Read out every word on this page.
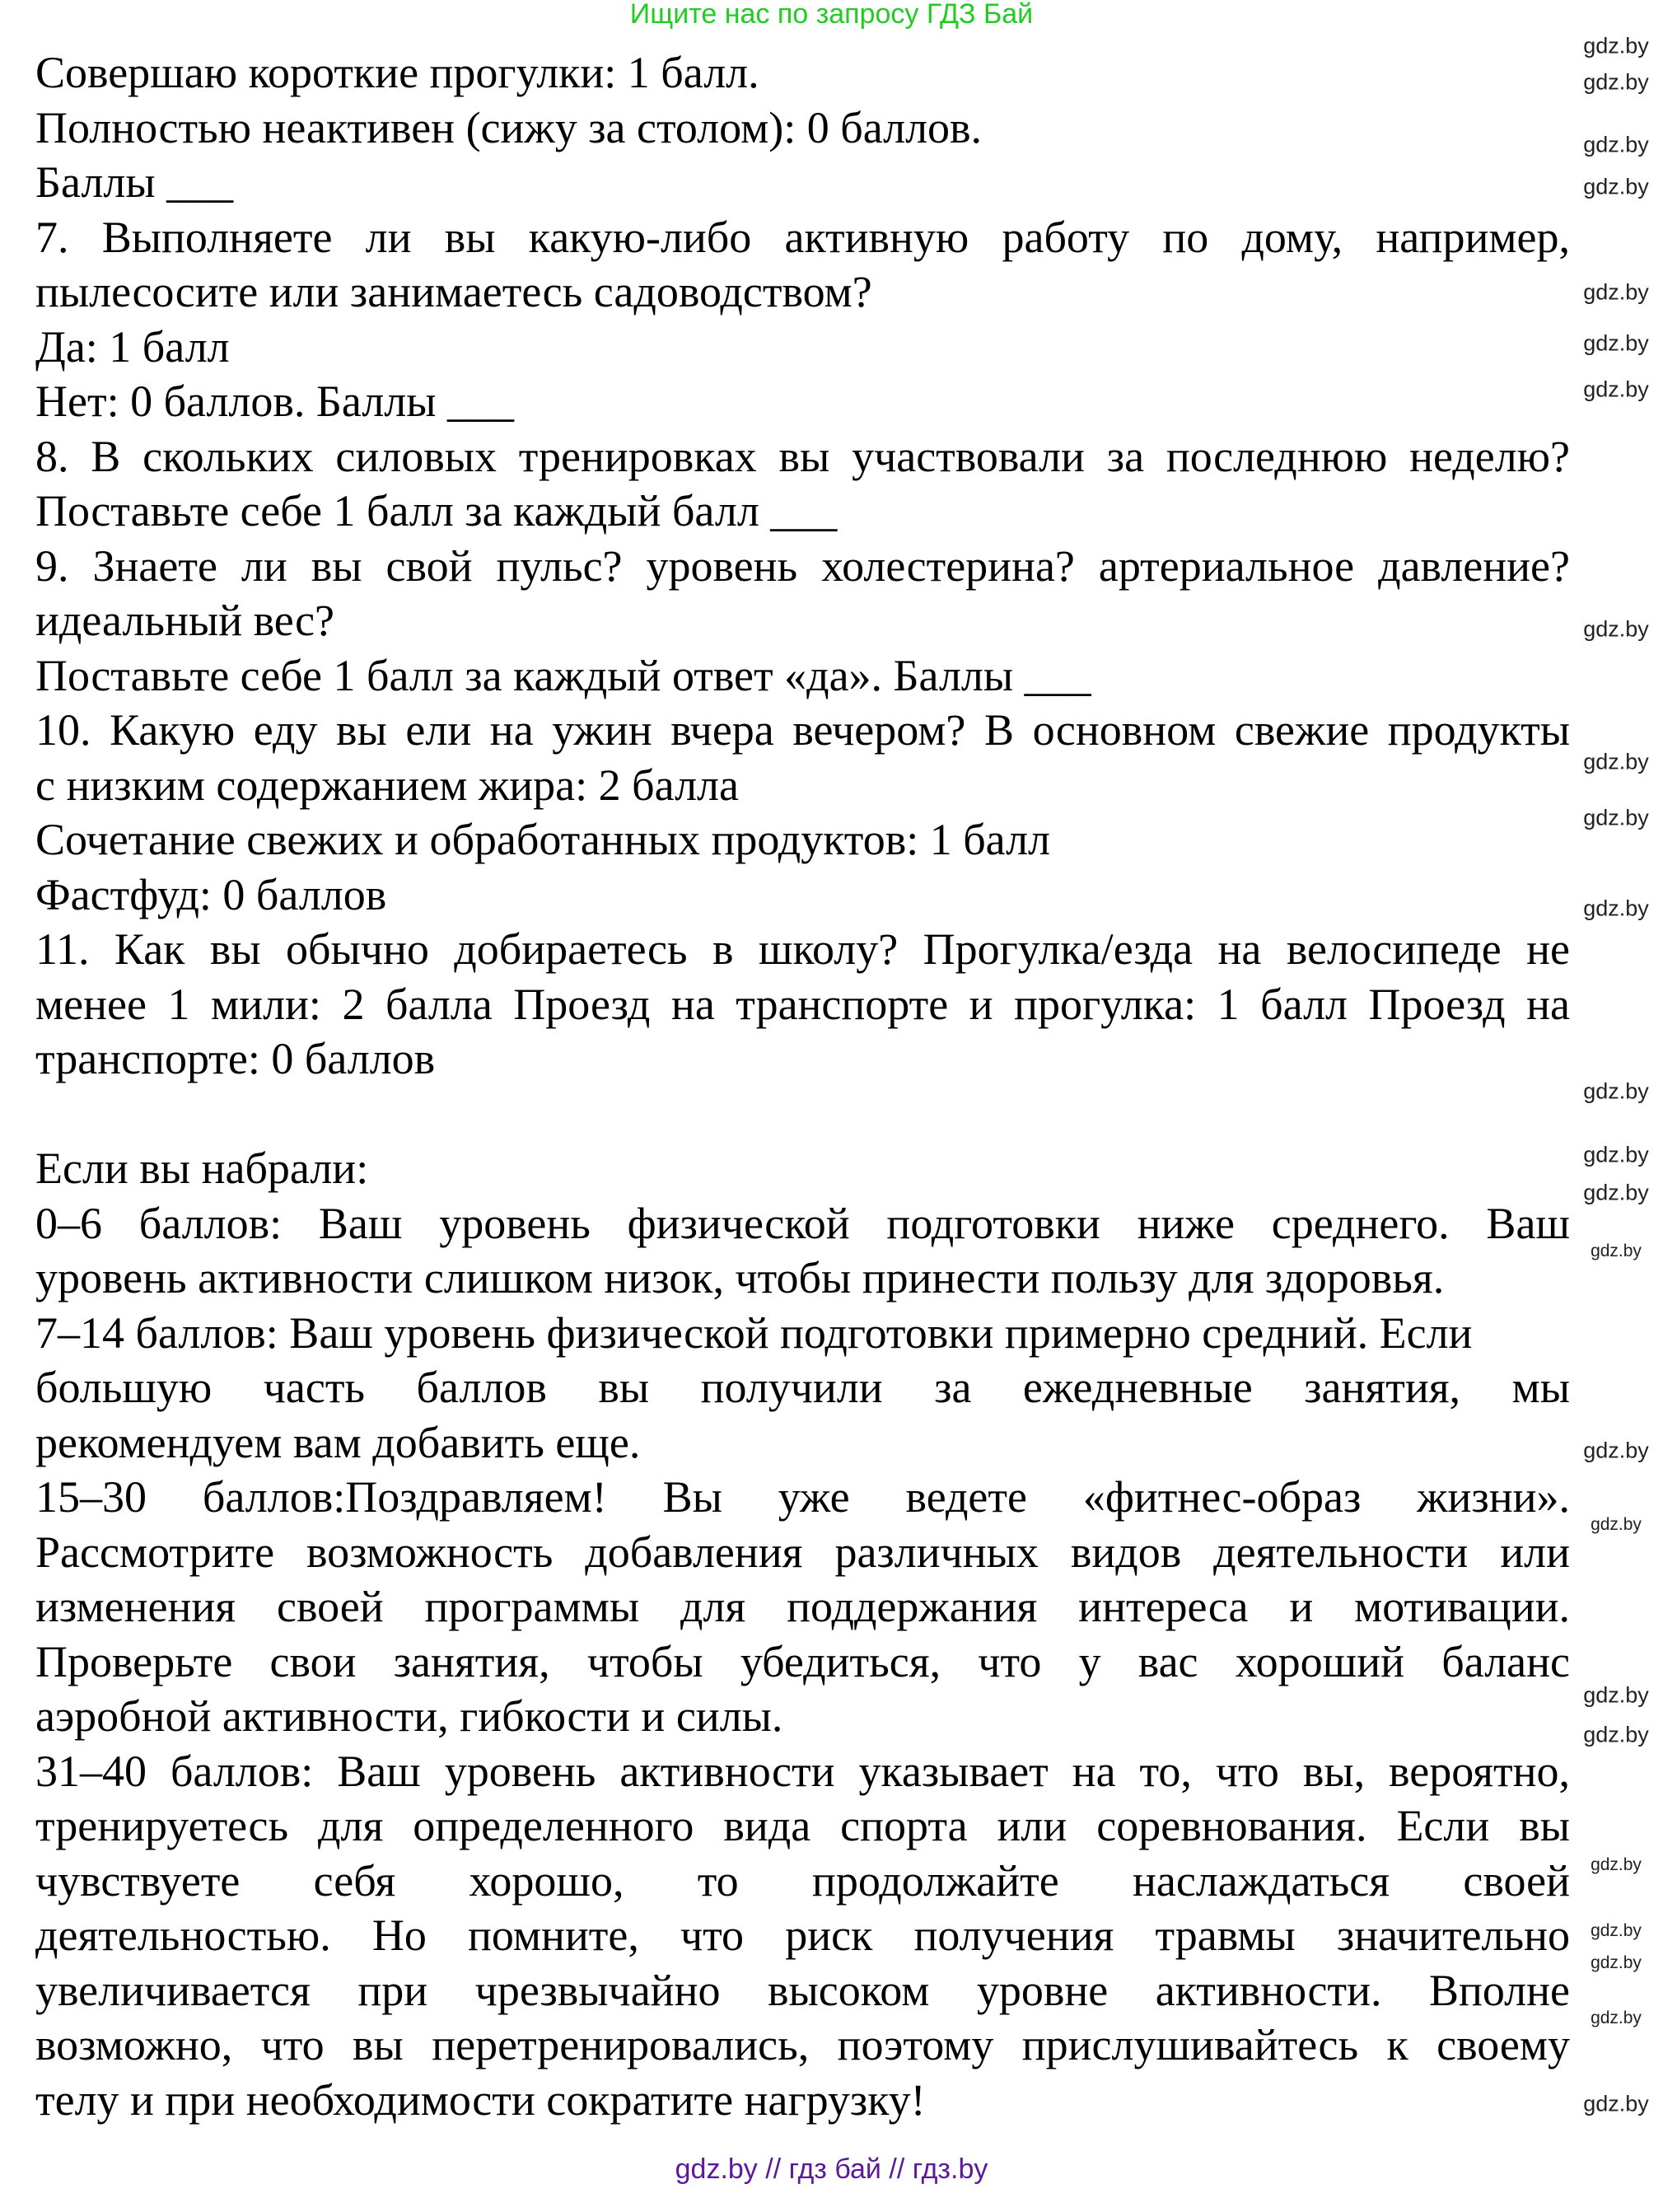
Ищите нас по запросу ГДЗ Бай
Совершаю короткие прогулки: 1 балл.
Полностью неактивен (сижу за столом): 0 баллов.
Баллы ___
7. Выполняете ли вы какую-либо активную работу по дому, например,
пылесосите или занимаетесь садоводством?
Да: 1 балл
Нет: 0 баллов. Баллы ___
8. В скольких силовых тренировках вы участвовали за последнюю неделю?
Поставьте себе 1 балл за каждый балл ___
9. Знаете ли вы свой пульс? уровень холестерина? артериальное давление?
идеальный вес?
Поставьте себе 1 балл за каждый ответ «да». Баллы ___
10. Какую еду вы ели на ужин вчера вечером? В основном свежие продукты
с низким содержанием жира: 2 балла
Сочетание свежих и обработанных продуктов: 1 балл
Фастфуд: 0 баллов
11. Как вы обычно добираетесь в школу? Прогулка/езда на велосипеде не
менее 1 мили: 2 балла Проезд на транспорте и прогулка: 1 балл Проезд на
транспорте: 0 баллов
Если вы набрали:
0–6 баллов: Ваш уровень физической подготовки ниже среднего. Ваш
уровень активности слишком низок, чтобы принести пользу для здоровья.
7–14 баллов: Ваш уровень физической подготовки примерно средний. Если
большую часть баллов вы получили за ежедневные занятия, мы
рекомендуем вам добавить еще.
15–30 баллов:Поздравляем! Вы уже ведете «фитнес-образ жизни».
Рассмотрите возможность добавления различных видов деятельности или
изменения своей программы для поддержания интереса и мотивации.
Проверьте свои занятия, чтобы убедиться, что у вас хороший баланс
аэробной активности, гибкости и силы.
31–40 баллов: Ваш уровень активности указывает на то, что вы, вероятно,
тренируетесь для определенного вида спорта или соревнования. Если вы
чувствуете себя хорошо, то продолжайте наслаждаться своей
деятельностью. Но помните, что риск получения травмы значительно
увеличивается при чрезвычайно высоком уровне активности. Вполне
возможно, что вы перетренировались, поэтому прислушивайтесь к своему
телу и при необходимости сократите нагрузку!
gdz.by
gdz.by
gdz.by
gdz.by
gdz.by
gdz.by
gdz.by
gdz.by
gdz.by
gdz.by
gdz.by
gdz.by
gdz.by
gdz.by
gdz.by
gdz.by
gdz.by
gdz.by
gdz.by
gdz.by
gdz.by
gdz.by
gdz.by
gdz.by
gdz.by // гдз бай // гдз.by
